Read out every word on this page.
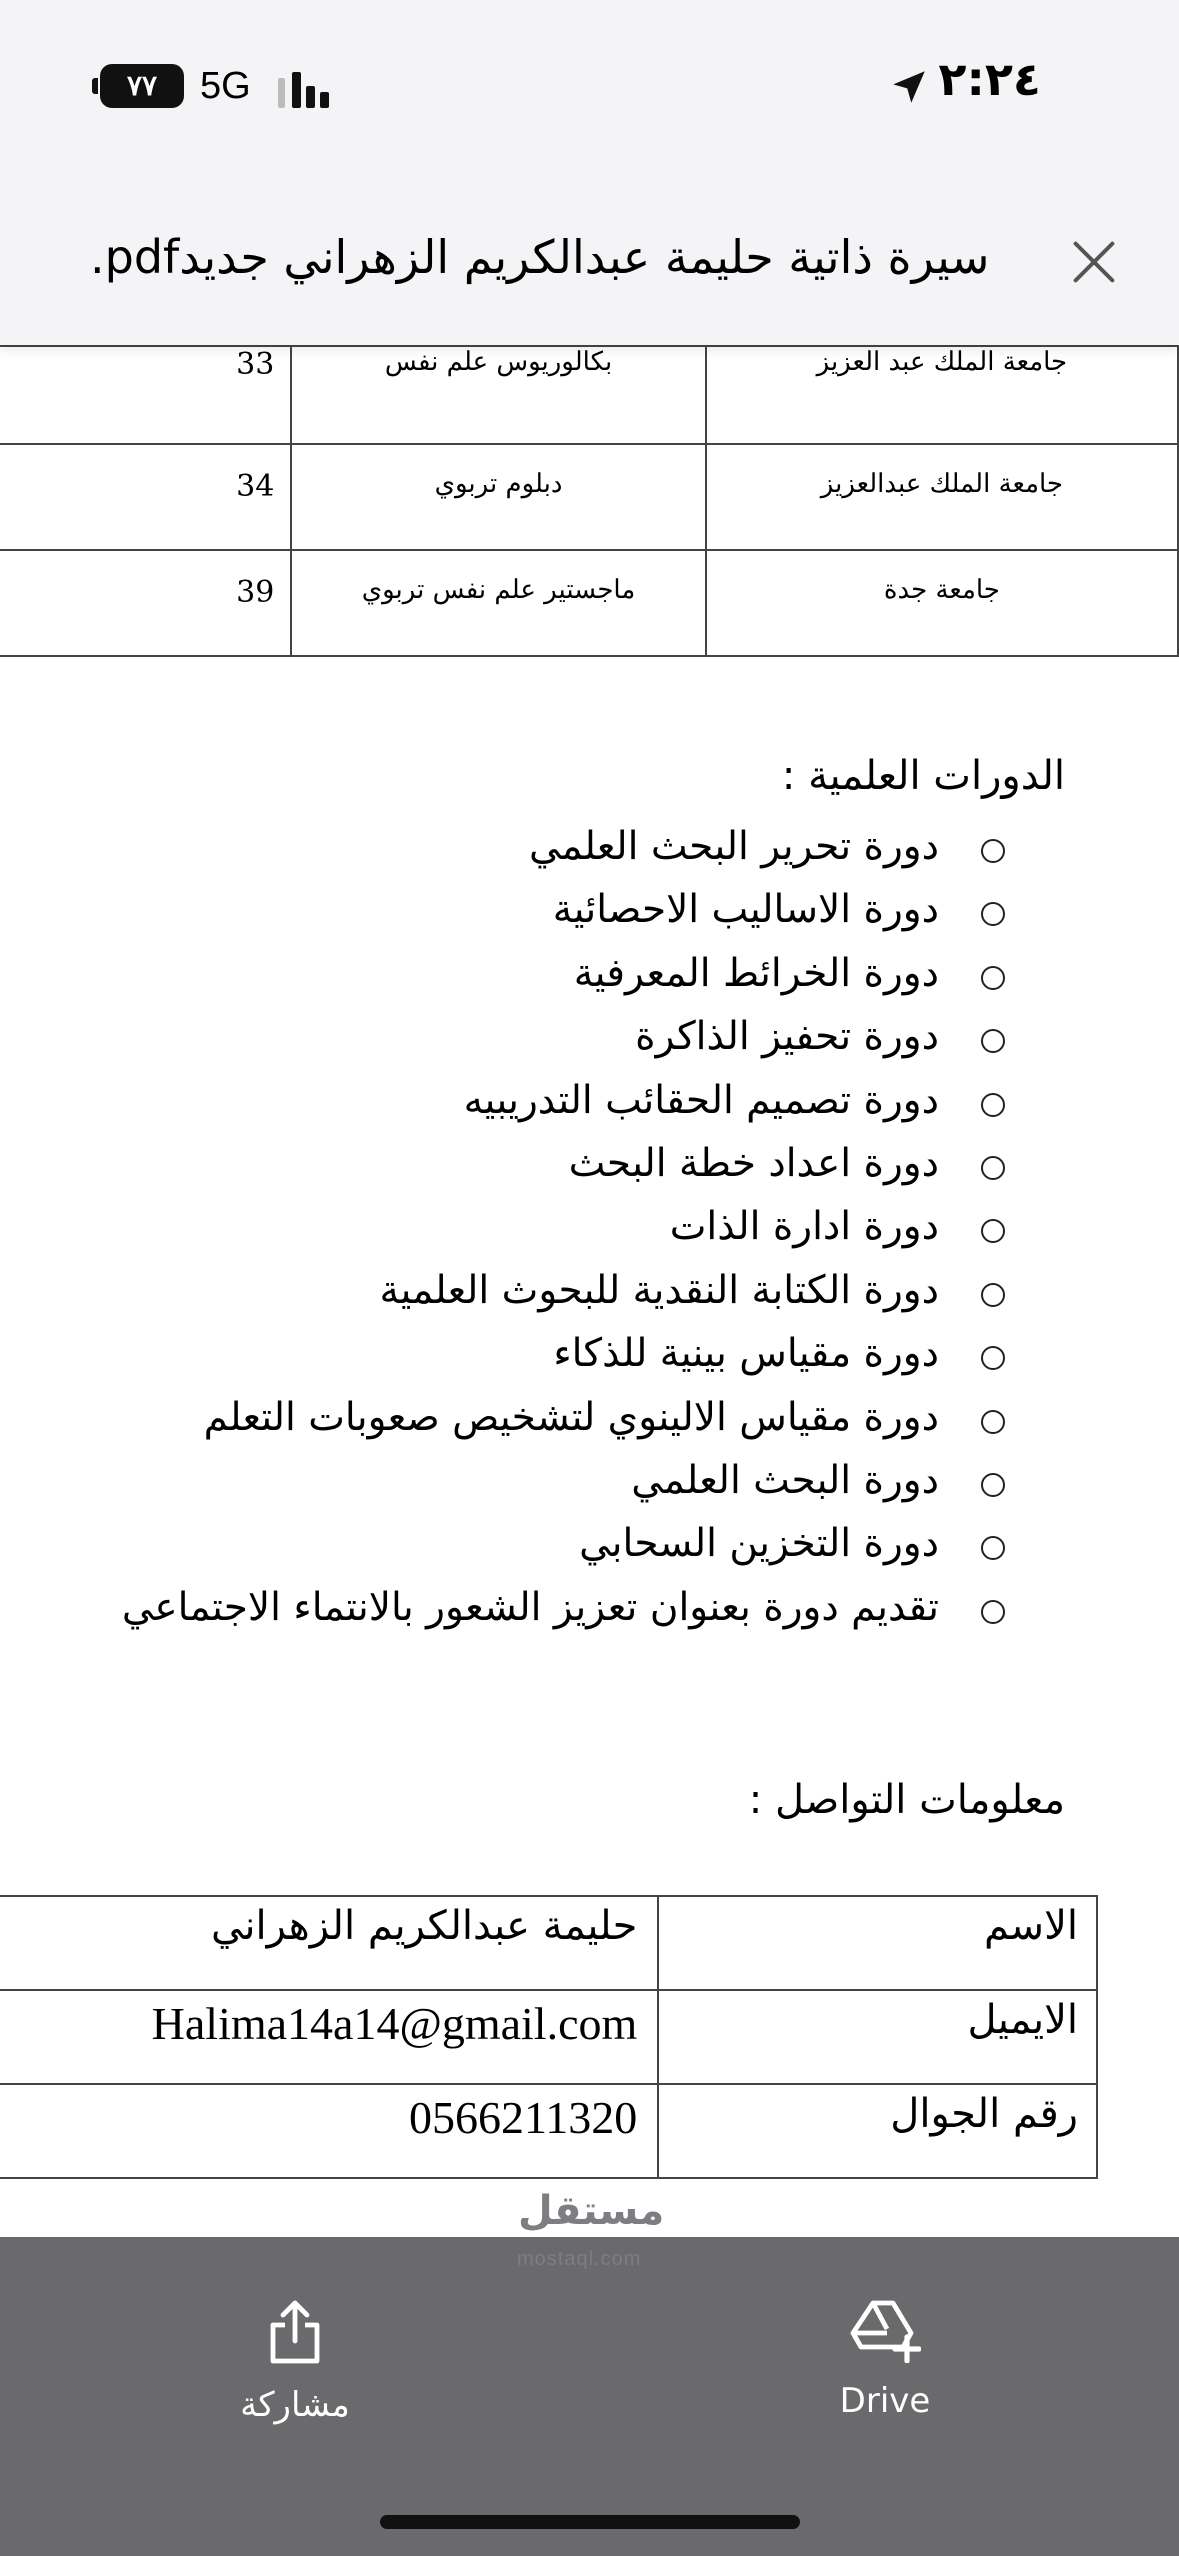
٧٧	5G	٢:٢٤
.pdfسيرة ذاتية حليمة عبدالكريم الزهراني جديد
جامعة الملك عبد العزيز	بكالوريوس علم نفس	33
جامعة الملك عبدالعزيز	دبلوم تربوي	34
جامعة جدة	ماجستير علم نفس تربوي	39
الدورات العلمية :
دورة تحرير البحث العلمي
دورة الاساليب الاحصائية
دورة الخرائط المعرفية
دورة تحفيز الذاكرة
دورة تصميم الحقائب التدريبيه
دورة اعداد خطة البحث
دورة ادارة الذات
دورة الكتابة النقدية للبحوث العلمية
دورة مقياس بينية للذكاء
دورة مقياس الالينوي لتشخيص صعوبات التعلم
دورة البحث العلمي
دورة التخزين السحابي
تقديم دورة بعنوان تعزيز الشعور بالانتماء الاجتماعي
معلومات التواصل :
الاسم	حليمة عبدالكريم الزهراني
الايميل	Halima14a14@gmail.com
رقم الجوال	0566211320
مشاركة	Drive
مستقل
mostaql.com
